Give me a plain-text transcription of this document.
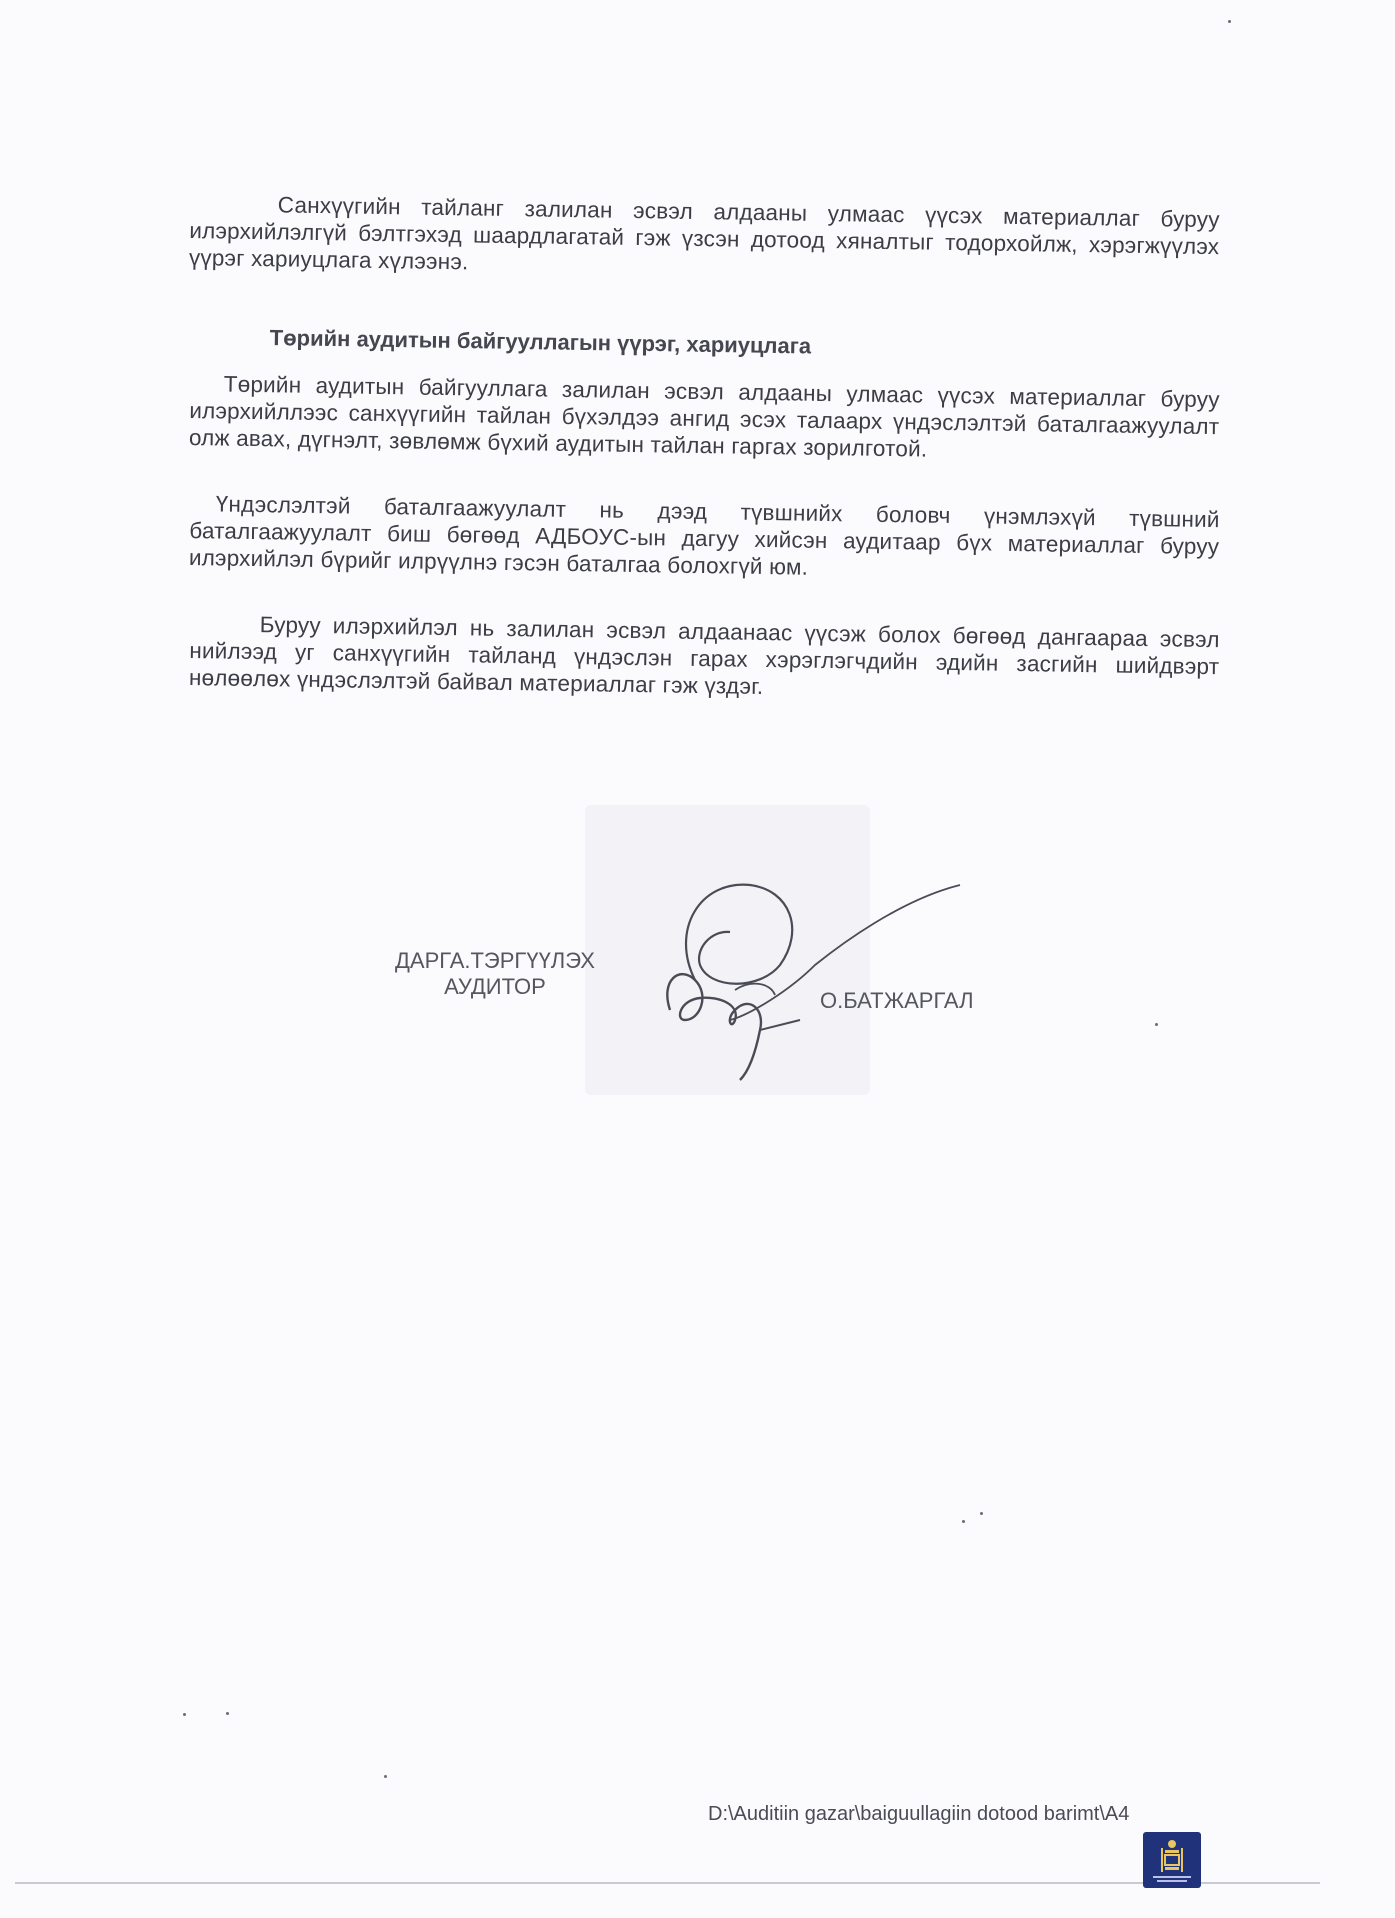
Санхүүгийн тайланг залилан эсвэл алдааны улмаас үүсэх материаллаг буруу илэрхийлэлгүй бэлтгэхэд шаардлагатай гэж үзсэн дотоод хяналтыг тодорхойлж, хэрэгжүүлэх үүрэг хариуцлага хүлээнэ.
Төрийн аудитын байгууллагын үүрэг, хариуцлага
Төрийн аудитын байгууллага залилан эсвэл алдааны улмаас үүсэх материаллаг буруу илэрхийллээс санхүүгийн тайлан бүхэлдээ ангид эсэх талаарх үндэслэлтэй баталгаажуулалт олж авах, дүгнэлт, зөвлөмж бүхий аудитын тайлан гаргах зорилготой.
Үндэслэлтэй баталгаажуулалт нь дээд түвшнийх боловч үнэмлэхүй түвшний баталгаажуулалт биш бөгөөд АДБОУС-ын дагуу хийсэн аудитаар бүх материаллаг буруу илэрхийлэл бүрийг илрүүлнэ гэсэн баталгаа болохгүй юм.
Буруу илэрхийлэл нь залилан эсвэл алдаанаас үүсэж болох бөгөөд дангаараа эсвэл нийлээд уг санхүүгийн тайланд үндэслэн гарах хэрэглэгчдийн эдийн засгийн шийдвэрт нөлөөлөх үндэслэлтэй байвал материаллаг гэж үздэг.
ДАРГА.ТЭРГҮҮЛЭХ
АУДИТОР
О.БАТЖАРГАЛ
D:\Auditiin gazar\baiguullagiin dotood barimt\A4
